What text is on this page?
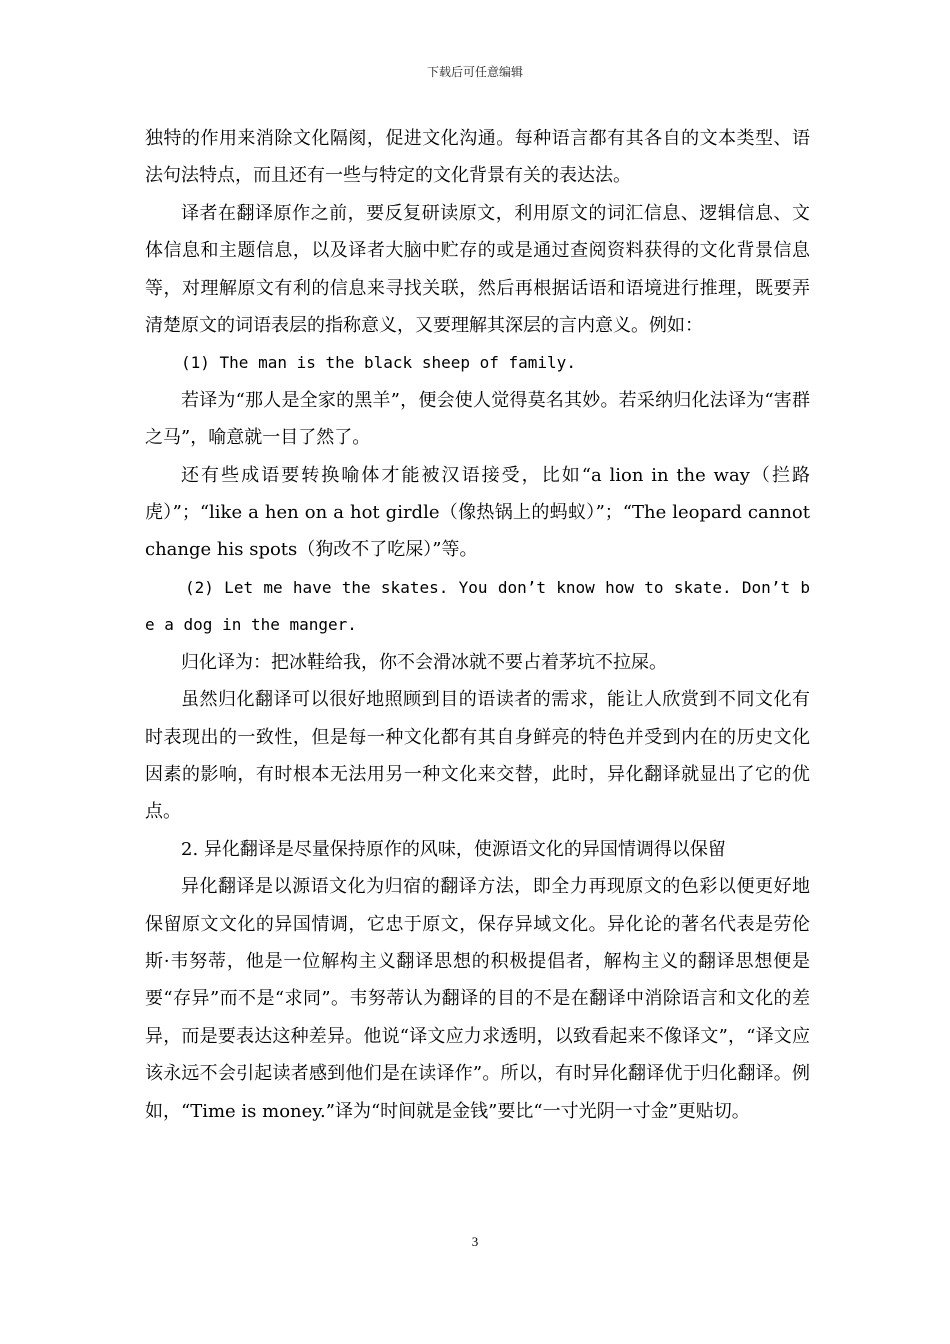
下载后可任意编辑

独特的作用来消除文化隔阂，促进文化沟通。每种语言都有其各自的文本类型、语法句法特点，而且还有一些与特定的文化背景有关的表达法。

译者在翻译原作之前，要反复研读原文，利用原文的词汇信息、逻辑信息、文体信息和主题信息，以及译者大脑中贮存的或是通过查阅资料获得的文化背景信息等，对理解原文有利的信息来寻找关联，然后再根据话语和语境进行推理，既要弄清楚原文的词语表层的指称意义，又要理解其深层的言内意义。例如：

(1) The man is the black sheep of family.

若译为“那人是全家的黑羊”，便会使人觉得莫名其妙。若采纳归化法译为“害群之马”，喻意就一目了然了。

还有些成语要转换喻体才能被汉语接受，比如“a lion in the way（拦路虎）”；“like a hen on a hot girdle（像热锅上的蚂蚁）”；“The leopard cannot change his spots（狗改不了吃屎）”等。

(2) Let me have the skates. You don’t know how to skate. Don’t be a dog in the manger.

归化译为：把冰鞋给我，你不会滑冰就不要占着茅坑不拉屎。

虽然归化翻译可以很好地照顾到目的语读者的需求，能让人欣赏到不同文化有时表现出的一致性，但是每一种文化都有其自身鲜亮的特色并受到内在的历史文化因素的影响，有时根本无法用另一种文化来交替，此时，异化翻译就显出了它的优点。

2. 异化翻译是尽量保持原作的风味，使源语文化的异国情调得以保留

异化翻译是以源语文化为归宿的翻译方法，即全力再现原文的色彩以便更好地保留原文文化的异国情调，它忠于原文，保存异域文化。异化论的著名代表是劳伦斯·韦努蒂，他是一位解构主义翻译思想的积极提倡者，解构主义的翻译思想便是要“存异”而不是“求同”。韦努蒂认为翻译的目的不是在翻译中消除语言和文化的差异，而是要表达这种差异。他说“译文应力求透明，以致看起来不像译文”，“译文应该永远不会引起读者感到他们是在读译作”。所以，有时异化翻译优于归化翻译。例如，“Time is money.”译为“时间就是金钱”要比“一寸光阴一寸金”更贴切。

3
